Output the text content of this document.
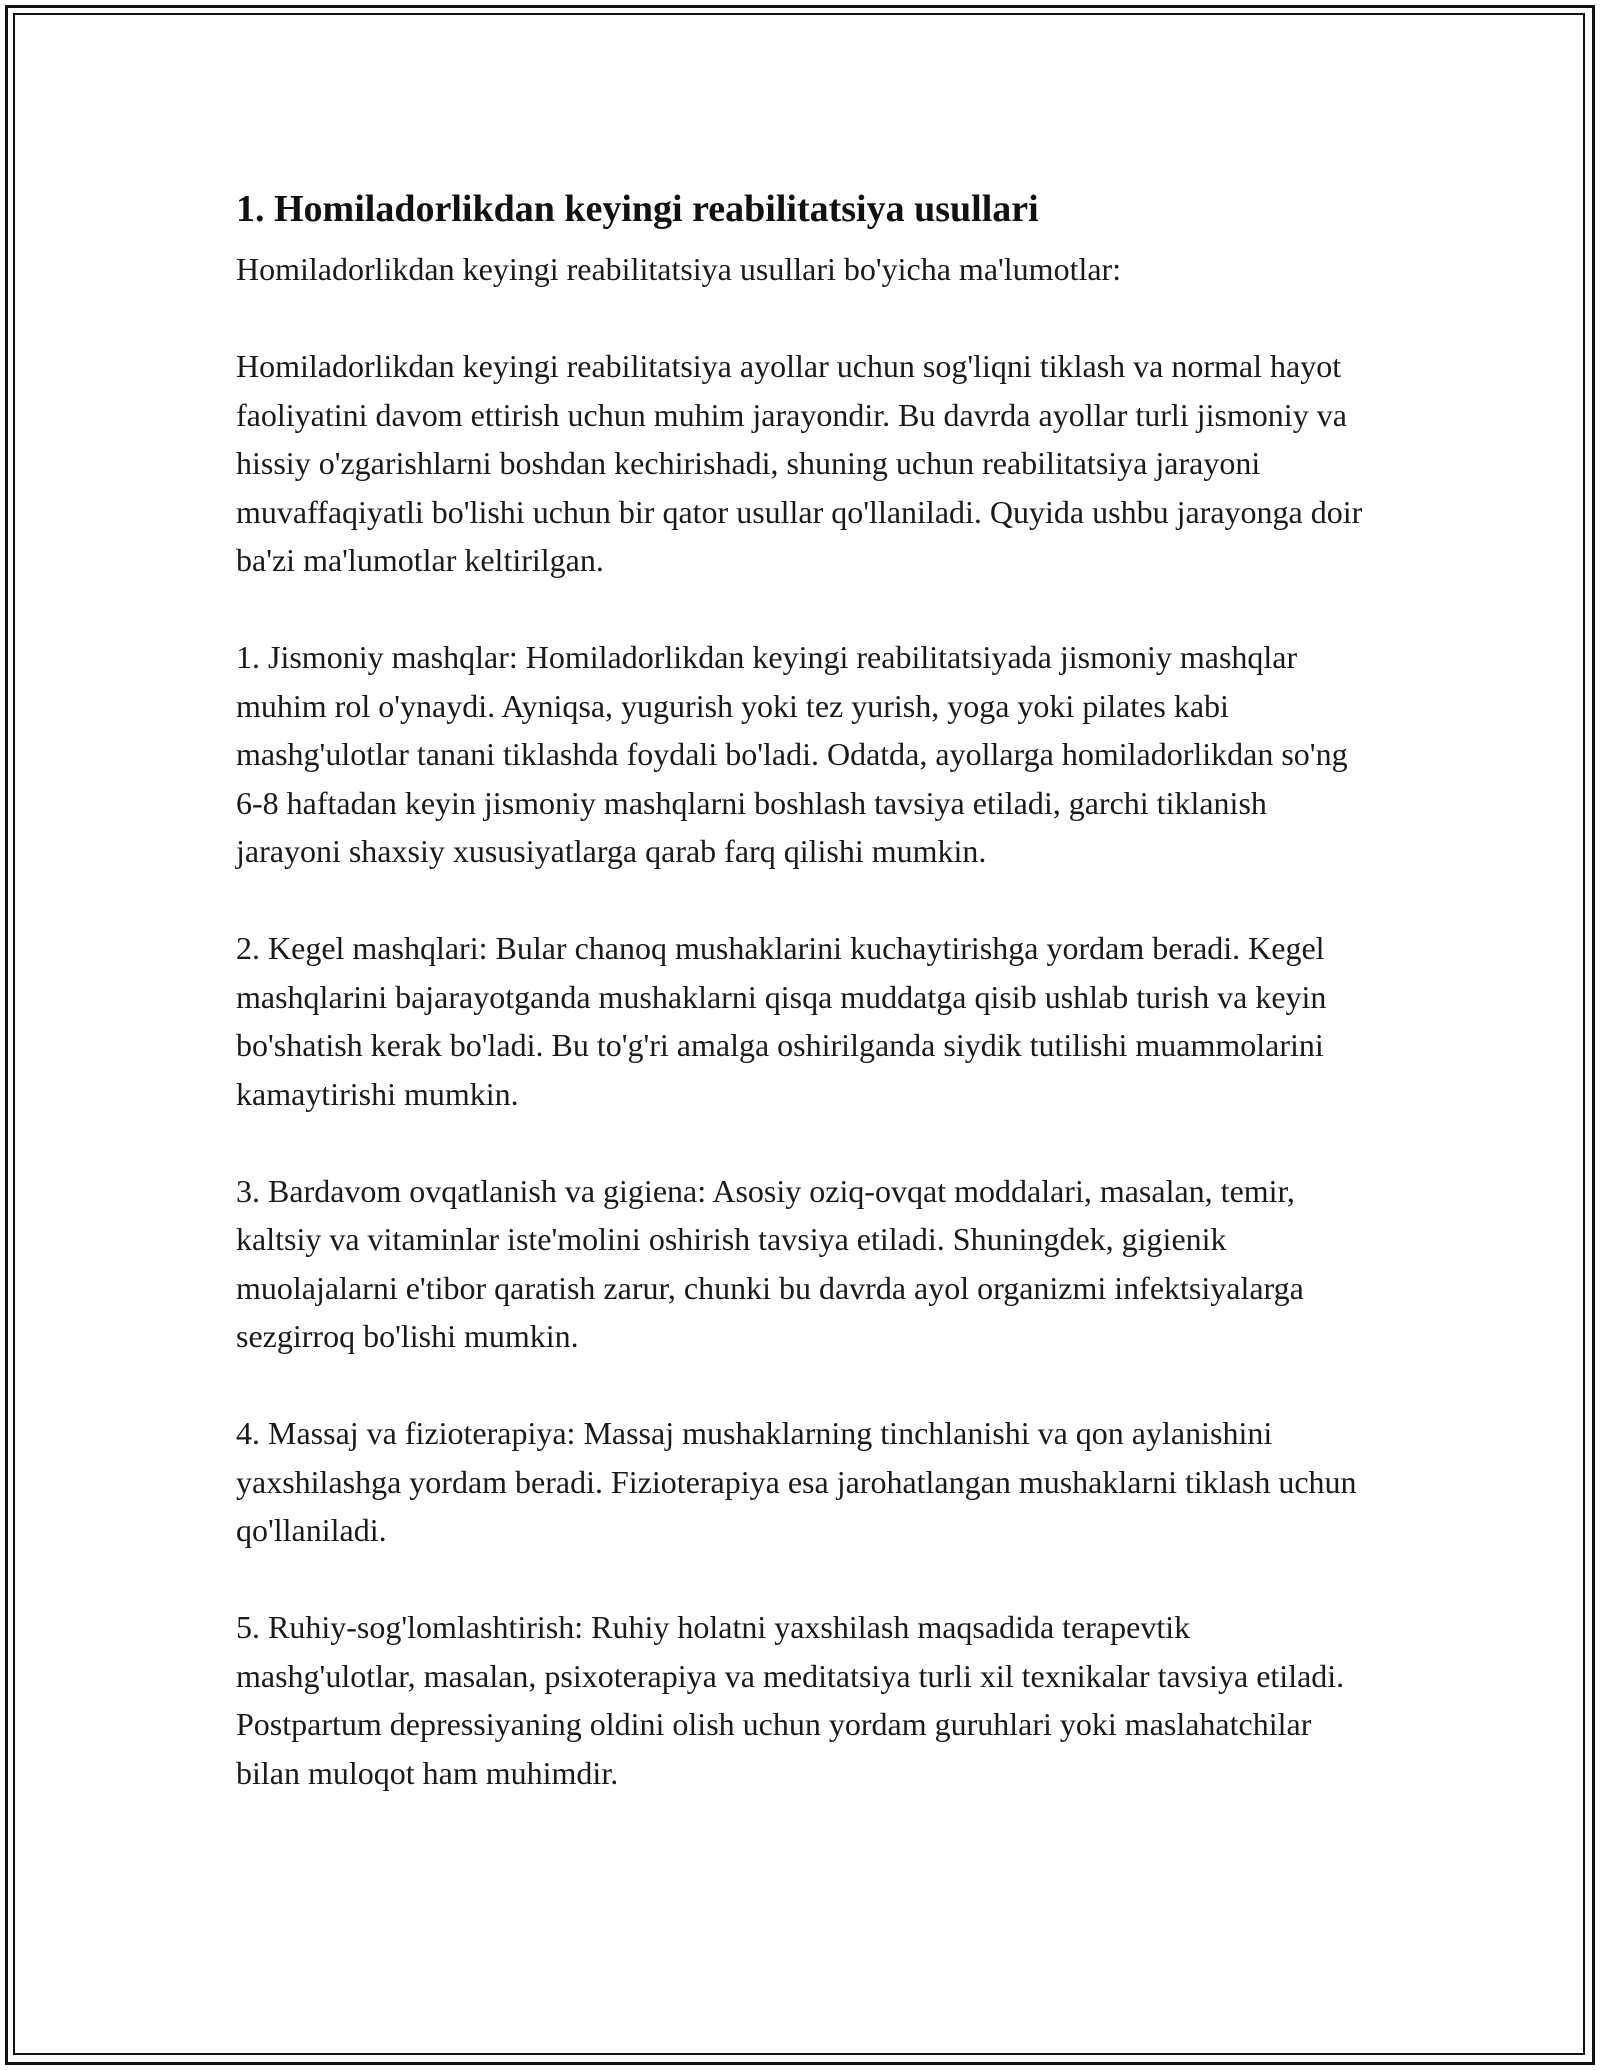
1. Homiladorlikdan keyingi reabilitatsiya usullari

Homiladorlikdan keyingi reabilitatsiya usullari bo'yicha ma'lumotlar:

Homiladorlikdan keyingi reabilitatsiya ayollar uchun sog'liqni tiklash va normal hayot faoliyatini davom ettirish uchun muhim jarayondir. Bu davrda ayollar turli jismoniy va hissiy o'zgarishlarni boshdan kechirishadi, shuning uchun reabilitatsiya jarayoni muvaffaqiyatli bo'lishi uchun bir qator usullar qo'llaniladi. Quyida ushbu jarayonga doir ba'zi ma'lumotlar keltirilgan.

1. Jismoniy mashqlar: Homiladorlikdan keyingi reabilitatsiyada jismoniy mashqlar muhim rol o'ynaydi. Ayniqsa, yugurish yoki tez yurish, yoga yoki pilates kabi mashg'ulotlar tanani tiklashda foydali bo'ladi. Odatda, ayollarga homiladorlikdan so'ng 6-8 haftadan keyin jismoniy mashqlarni boshlash tavsiya etiladi, garchi tiklanish jarayoni shaxsiy xususiyatlarga qarab farq qilishi mumkin.

2. Kegel mashqlari: Bular chanoq mushaklarini kuchaytirishga yordam beradi. Kegel mashqlarini bajarayotganda mushaklarni qisqa muddatga qisib ushlab turish va keyin bo'shatish kerak bo'ladi. Bu to'g'ri amalga oshirilganda siydik tutilishi muammolarini kamaytirishi mumkin.

3. Bardavom ovqatlanish va gigiena: Asosiy oziq-ovqat moddalari, masalan, temir, kaltsiy va vitaminlar iste'molini oshirish tavsiya etiladi. Shuningdek, gigienik muolajalarni e'tibor qaratish zarur, chunki bu davrda ayol organizmi infektsiyalarga sezgirroq bo'lishi mumkin.

4. Massaj va fizioterapiya: Massaj mushaklarning tinchlanishi va qon aylanishini yaxshilashga yordam beradi. Fizioterapiya esa jarohatlangan mushaklarni tiklash uchun qo'llaniladi.

5. Ruhiy-sog'lomlashtirish: Ruhiy holatni yaxshilash maqsadida terapevtik mashg'ulotlar, masalan, psixoterapiya va meditatsiya turli xil texnikalar tavsiya etiladi. Postpartum depressiyaning oldini olish uchun yordam guruhlari yoki maslahatchilar bilan muloqot ham muhimdir.
